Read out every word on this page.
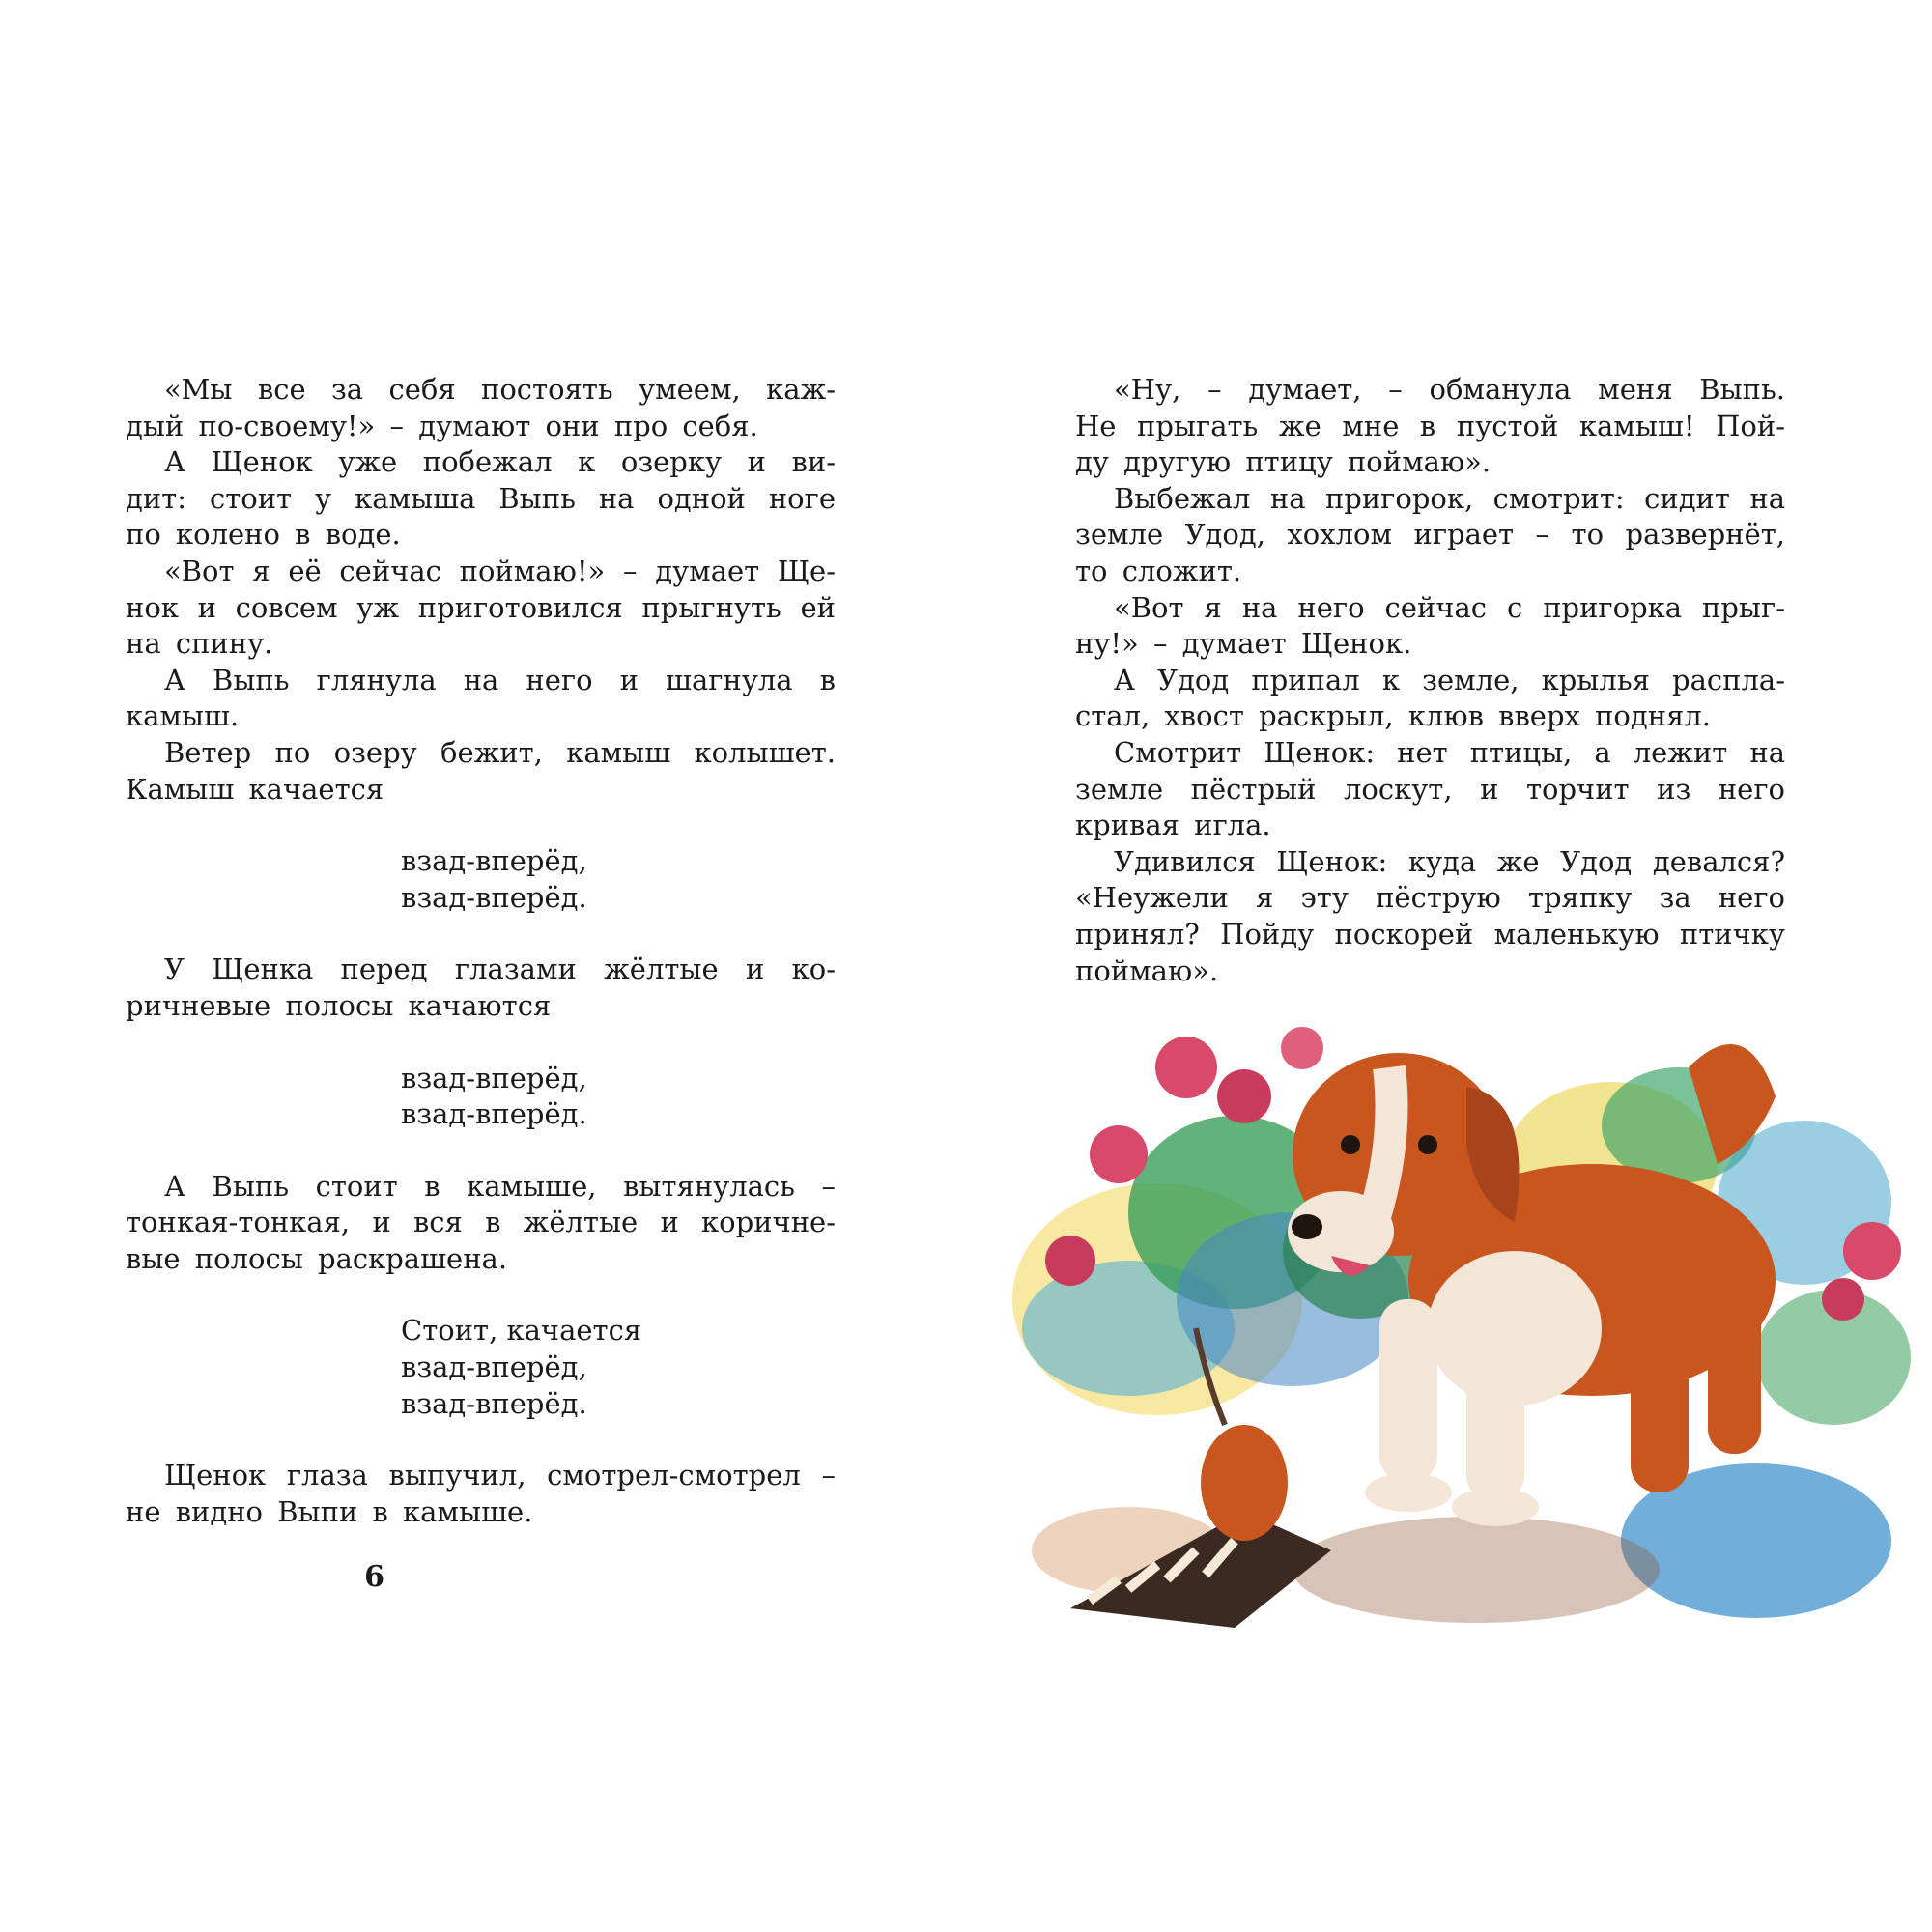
«Мы все за себя постоять умеем, каж-
дый по-своему!» – думают они про себя.
А Щенок уже побежал к озерку и ви-
дит: стоит у камыша Выпь на одной ноге
по колено в воде.
«Вот я её сейчас поймаю!» – думает Ще-
нок и совсем уж приготовился прыгнуть ей
на спину.
А Выпь глянула на него и шагнула в
камыш.
Ветер по озеру бежит, камыш колышет.
Камыш качается
взад-вперёд,
взад-вперёд.
У Щенка перед глазами жёлтые и ко-
ричневые полосы качаются
взад-вперёд,
взад-вперёд.
А Выпь стоит в камыше, вытянулась –
тонкая-тонкая, и вся в жёлтые и коричне-
вые полосы раскрашена.
Стоит, качается
взад-вперёд,
взад-вперёд.
Щенок глаза выпучил, смотрел-смотрел –
не видно Выпи в камыше.
«Ну, – думает, – обманула меня Выпь.
Не прыгать же мне в пустой камыш! Пой-
ду другую птицу поймаю».
Выбежал на пригорок, смотрит: сидит на
земле Удод, хохлом играет – то развернёт,
то сложит.
«Вот я на него сейчас с пригорка прыг-
ну!» – думает Щенок.
А Удод припал к земле, крылья распла-
стал, хвост раскрыл, клюв вверх поднял.
Смотрит Щенок: нет птицы, а лежит на
земле пёстрый лоскут, и торчит из него
кривая игла.
Удивился Щенок: куда же Удод девался?
«Неужели я эту пёструю тряпку за него
принял? Пойду поскорей маленькую птичку
поймаю».
6
